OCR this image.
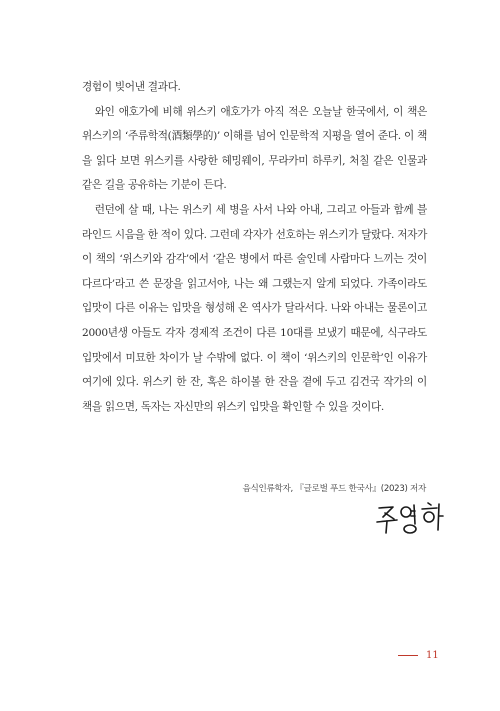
경험이 빚어낸 결과다.

와인 애호가에 비해 위스키 애호가가 아직 적은 오늘날 한국에서, 이 책은 위스키의 ‘주류학적(酒類學的)’ 이해를 넘어 인문학적 지평을 열어 준다. 이 책을 읽다 보면 위스키를 사랑한 헤밍웨이, 무라카미 하루키, 처칠 같은 인물과 같은 길을 공유하는 기분이 든다.

런던에 살 때, 나는 위스키 세 병을 사서 나와 아내, 그리고 아들과 함께 블라인드 시음을 한 적이 있다. 그런데 각자가 선호하는 위스키가 달랐다. 저자가 이 책의 ‘위스키와 감각’에서 ‘같은 병에서 따른 술인데 사람마다 느끼는 것이 다르다’라고 쓴 문장을 읽고서야, 나는 왜 그랬는지 알게 되었다. 가족이라도 입맛이 다른 이유는 입맛을 형성해 온 역사가 달라서다. 나와 아내는 물론이고 2000년생 아들도 각자 경제적 조건이 다른 10대를 보냈기 때문에, 식구라도 입맛에서 미묘한 차이가 날 수밖에 없다. 이 책이 ‘위스키의 인문학’인 이유가 여기에 있다. 위스키 한 잔, 혹은 하이볼 한 잔을 곁에 두고 김건국 작가의 이 책을 읽으면, 독자는 자신만의 위스키 입맛을 확인할 수 있을 것이다.

음식인류학자, 『글로벌 푸드 한국사』(2023) 저자
11
